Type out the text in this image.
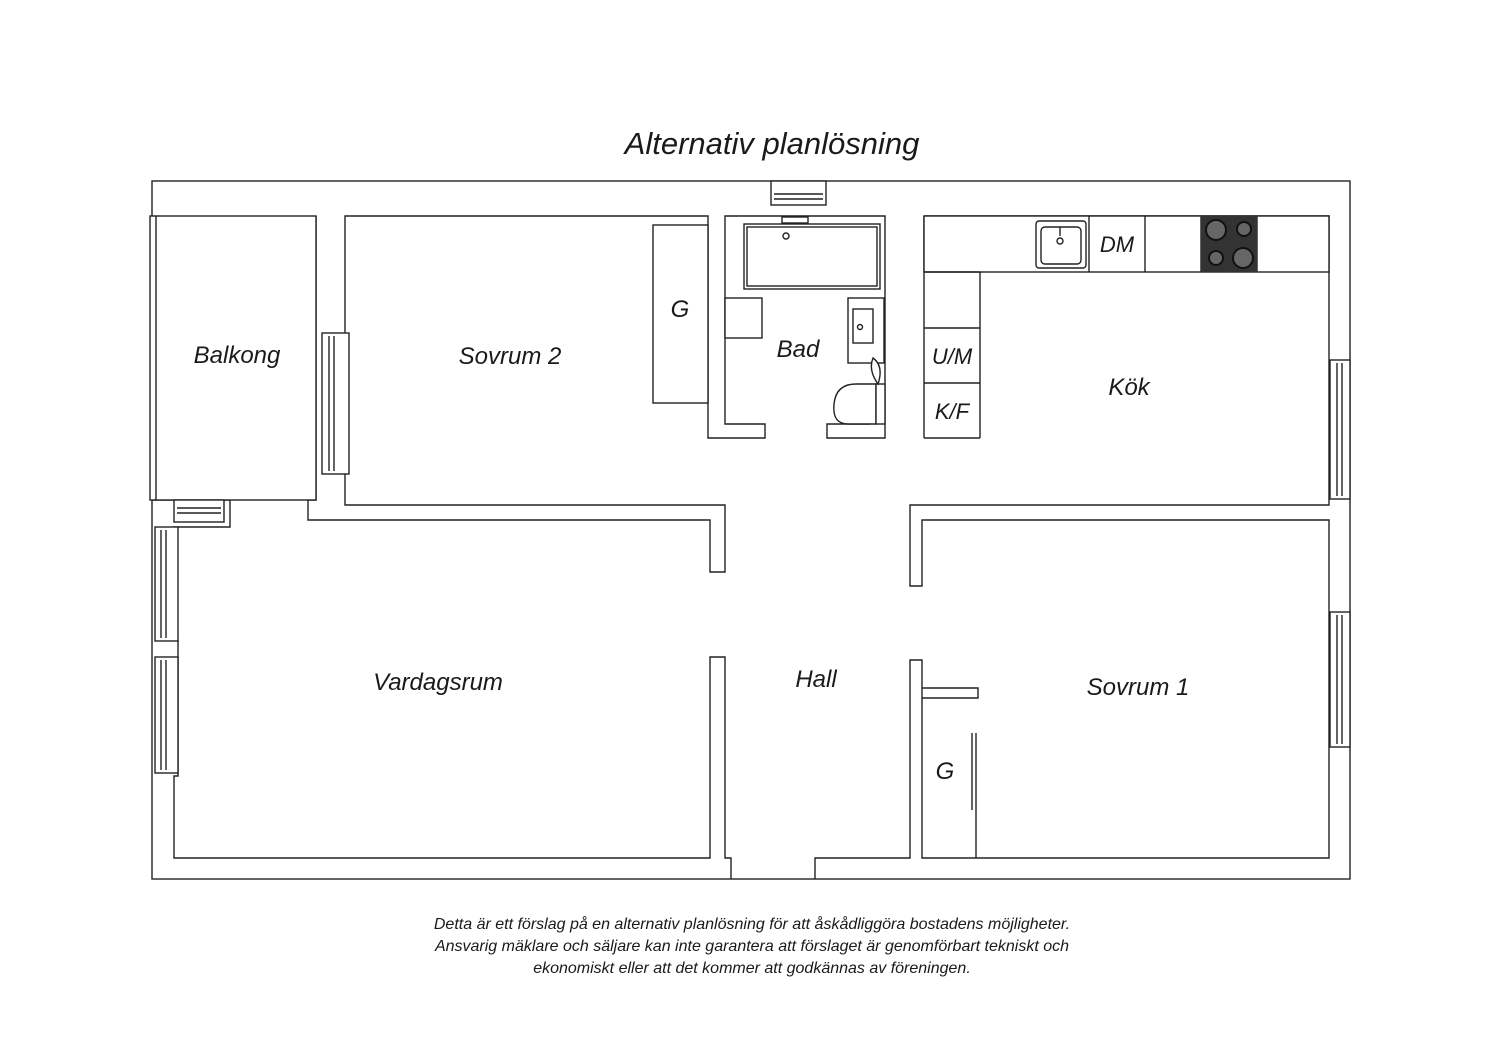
Alternativ planlösning
Balkong	Sovrum 2
G
Bad
DM
U/M
K/F
Kök
Vardagsrum	Hall	Sovrum 1
G
Detta är ett förslag på en alternativ planlösning för att åskådliggöra bostadens möjligheter.
Ansvarig mäklare och säljare kan inte garantera att förslaget är genomförbart tekniskt och
ekonomiskt eller att det kommer att godkännas av föreningen.
